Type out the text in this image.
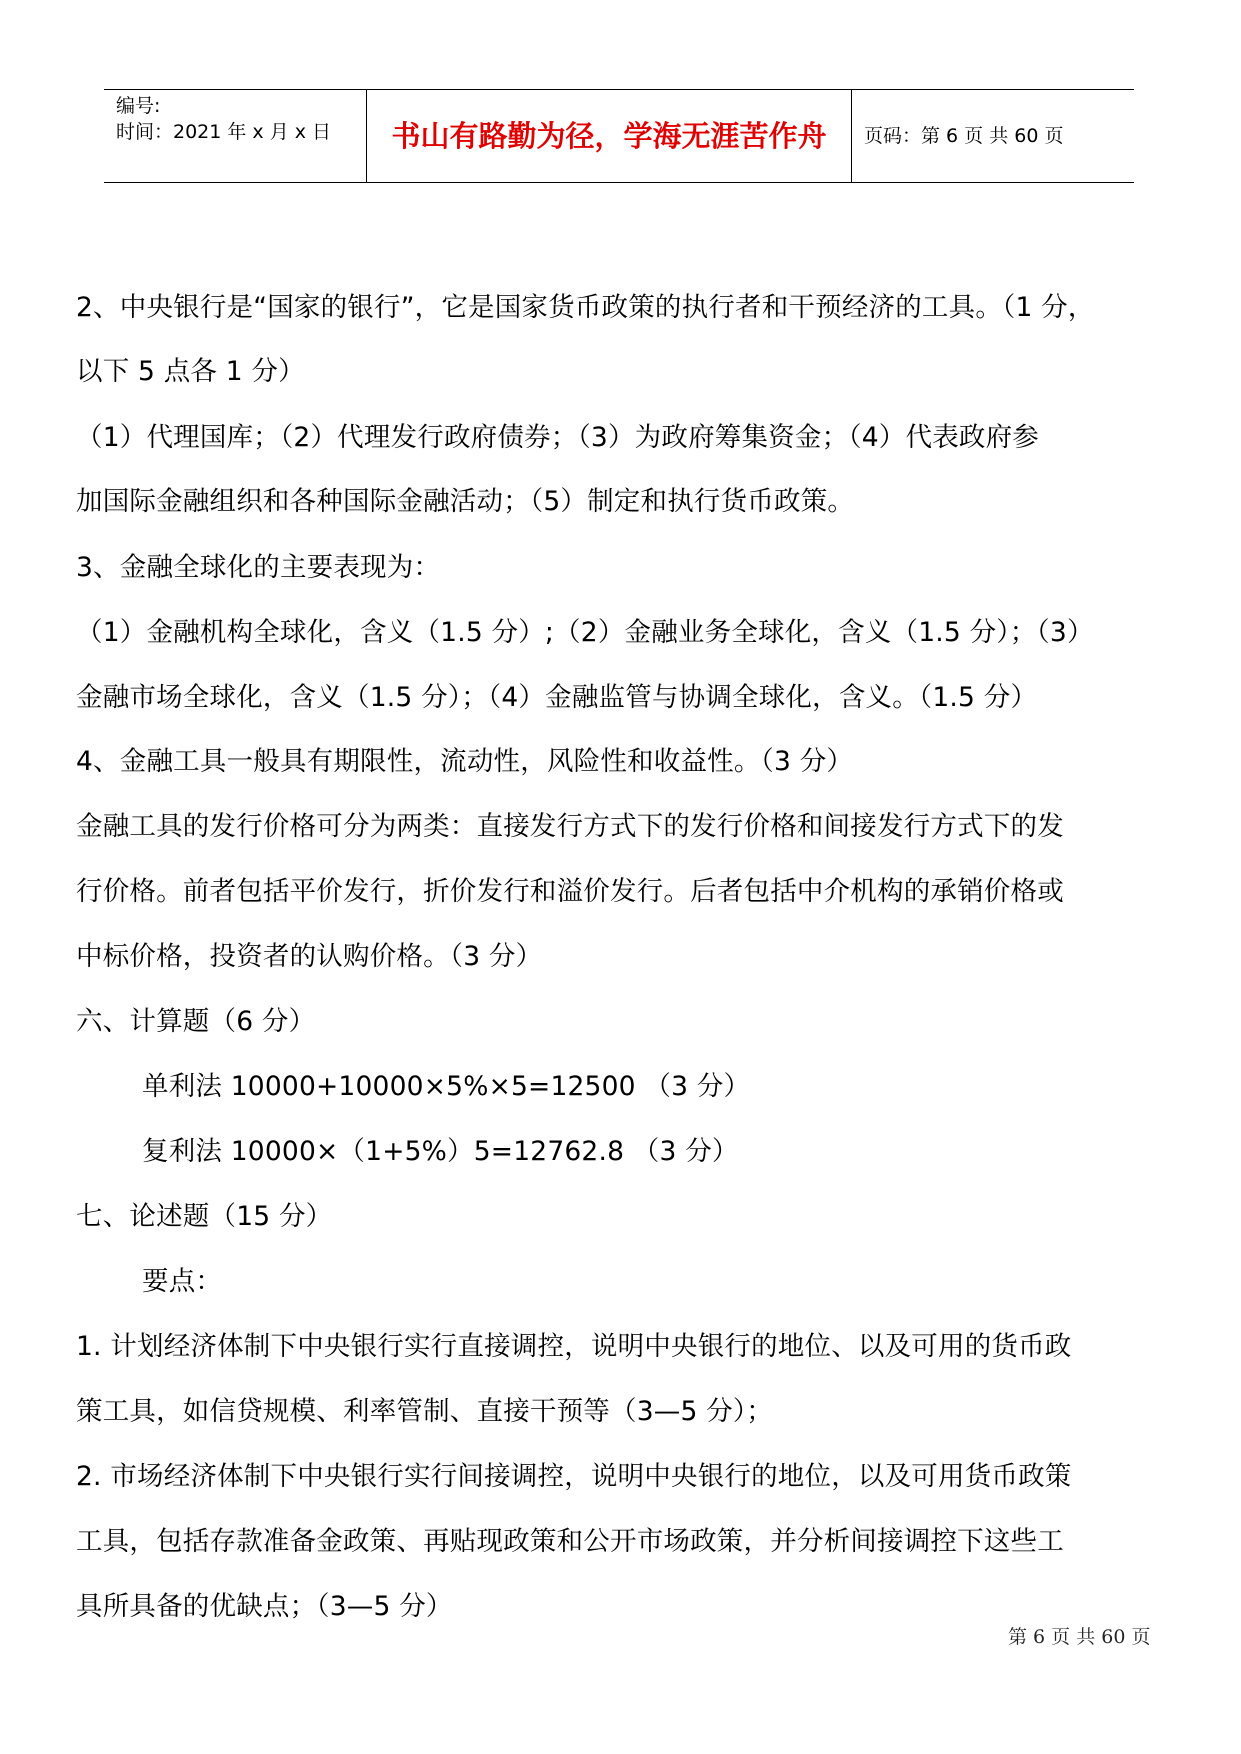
编号:
时间：2021 年 x 月 x 日	书山有路勤为径，学海无涯苦作舟	页码：第 6 页 共 60 页
2、中央银行是“国家的银行”，它是国家货币政策的执行者和干预经济的工具。（1 分，
以下 5 点各 1 分）
（1）代理国库；（2）代理发行政府债券；（3）为政府筹集资金；（4）代表政府参
加国际金融组织和各种国际金融活动；（5）制定和执行货币政策。
3、金融全球化的主要表现为：
（1）金融机构全球化，含义（1.5 分）;（2）金融业务全球化，含义（1.5 分）；（3）
金融市场全球化，含义（1.5 分）；（4）金融监管与协调全球化，含义。（1.5 分）
4、金融工具一般具有期限性，流动性，风险性和收益性。（3 分）
金融工具的发行价格可分为两类：直接发行方式下的发行价格和间接发行方式下的发
行价格。前者包括平价发行，折价发行和溢价发行。后者包括中介机构的承销价格或
中标价格，投资者的认购价格。（3 分）
六、计算题（6 分）
单利法 10000+10000×5%×5=12500 （3 分）
复利法 10000×（1+5%）5=12762.8 （3 分）
七、论述题（15 分）
要点：
1. 计划经济体制下中央银行实行直接调控，说明中央银行的地位、以及可用的货币政
策工具，如信贷规模、利率管制、直接干预等（3—5 分）；
2. 市场经济体制下中央银行实行间接调控，说明中央银行的地位，以及可用货币政策
工具，包括存款准备金政策、再贴现政策和公开市场政策，并分析间接调控下这些工
具所具备的优缺点；（3—5 分）
第 6 页 共 60 页
